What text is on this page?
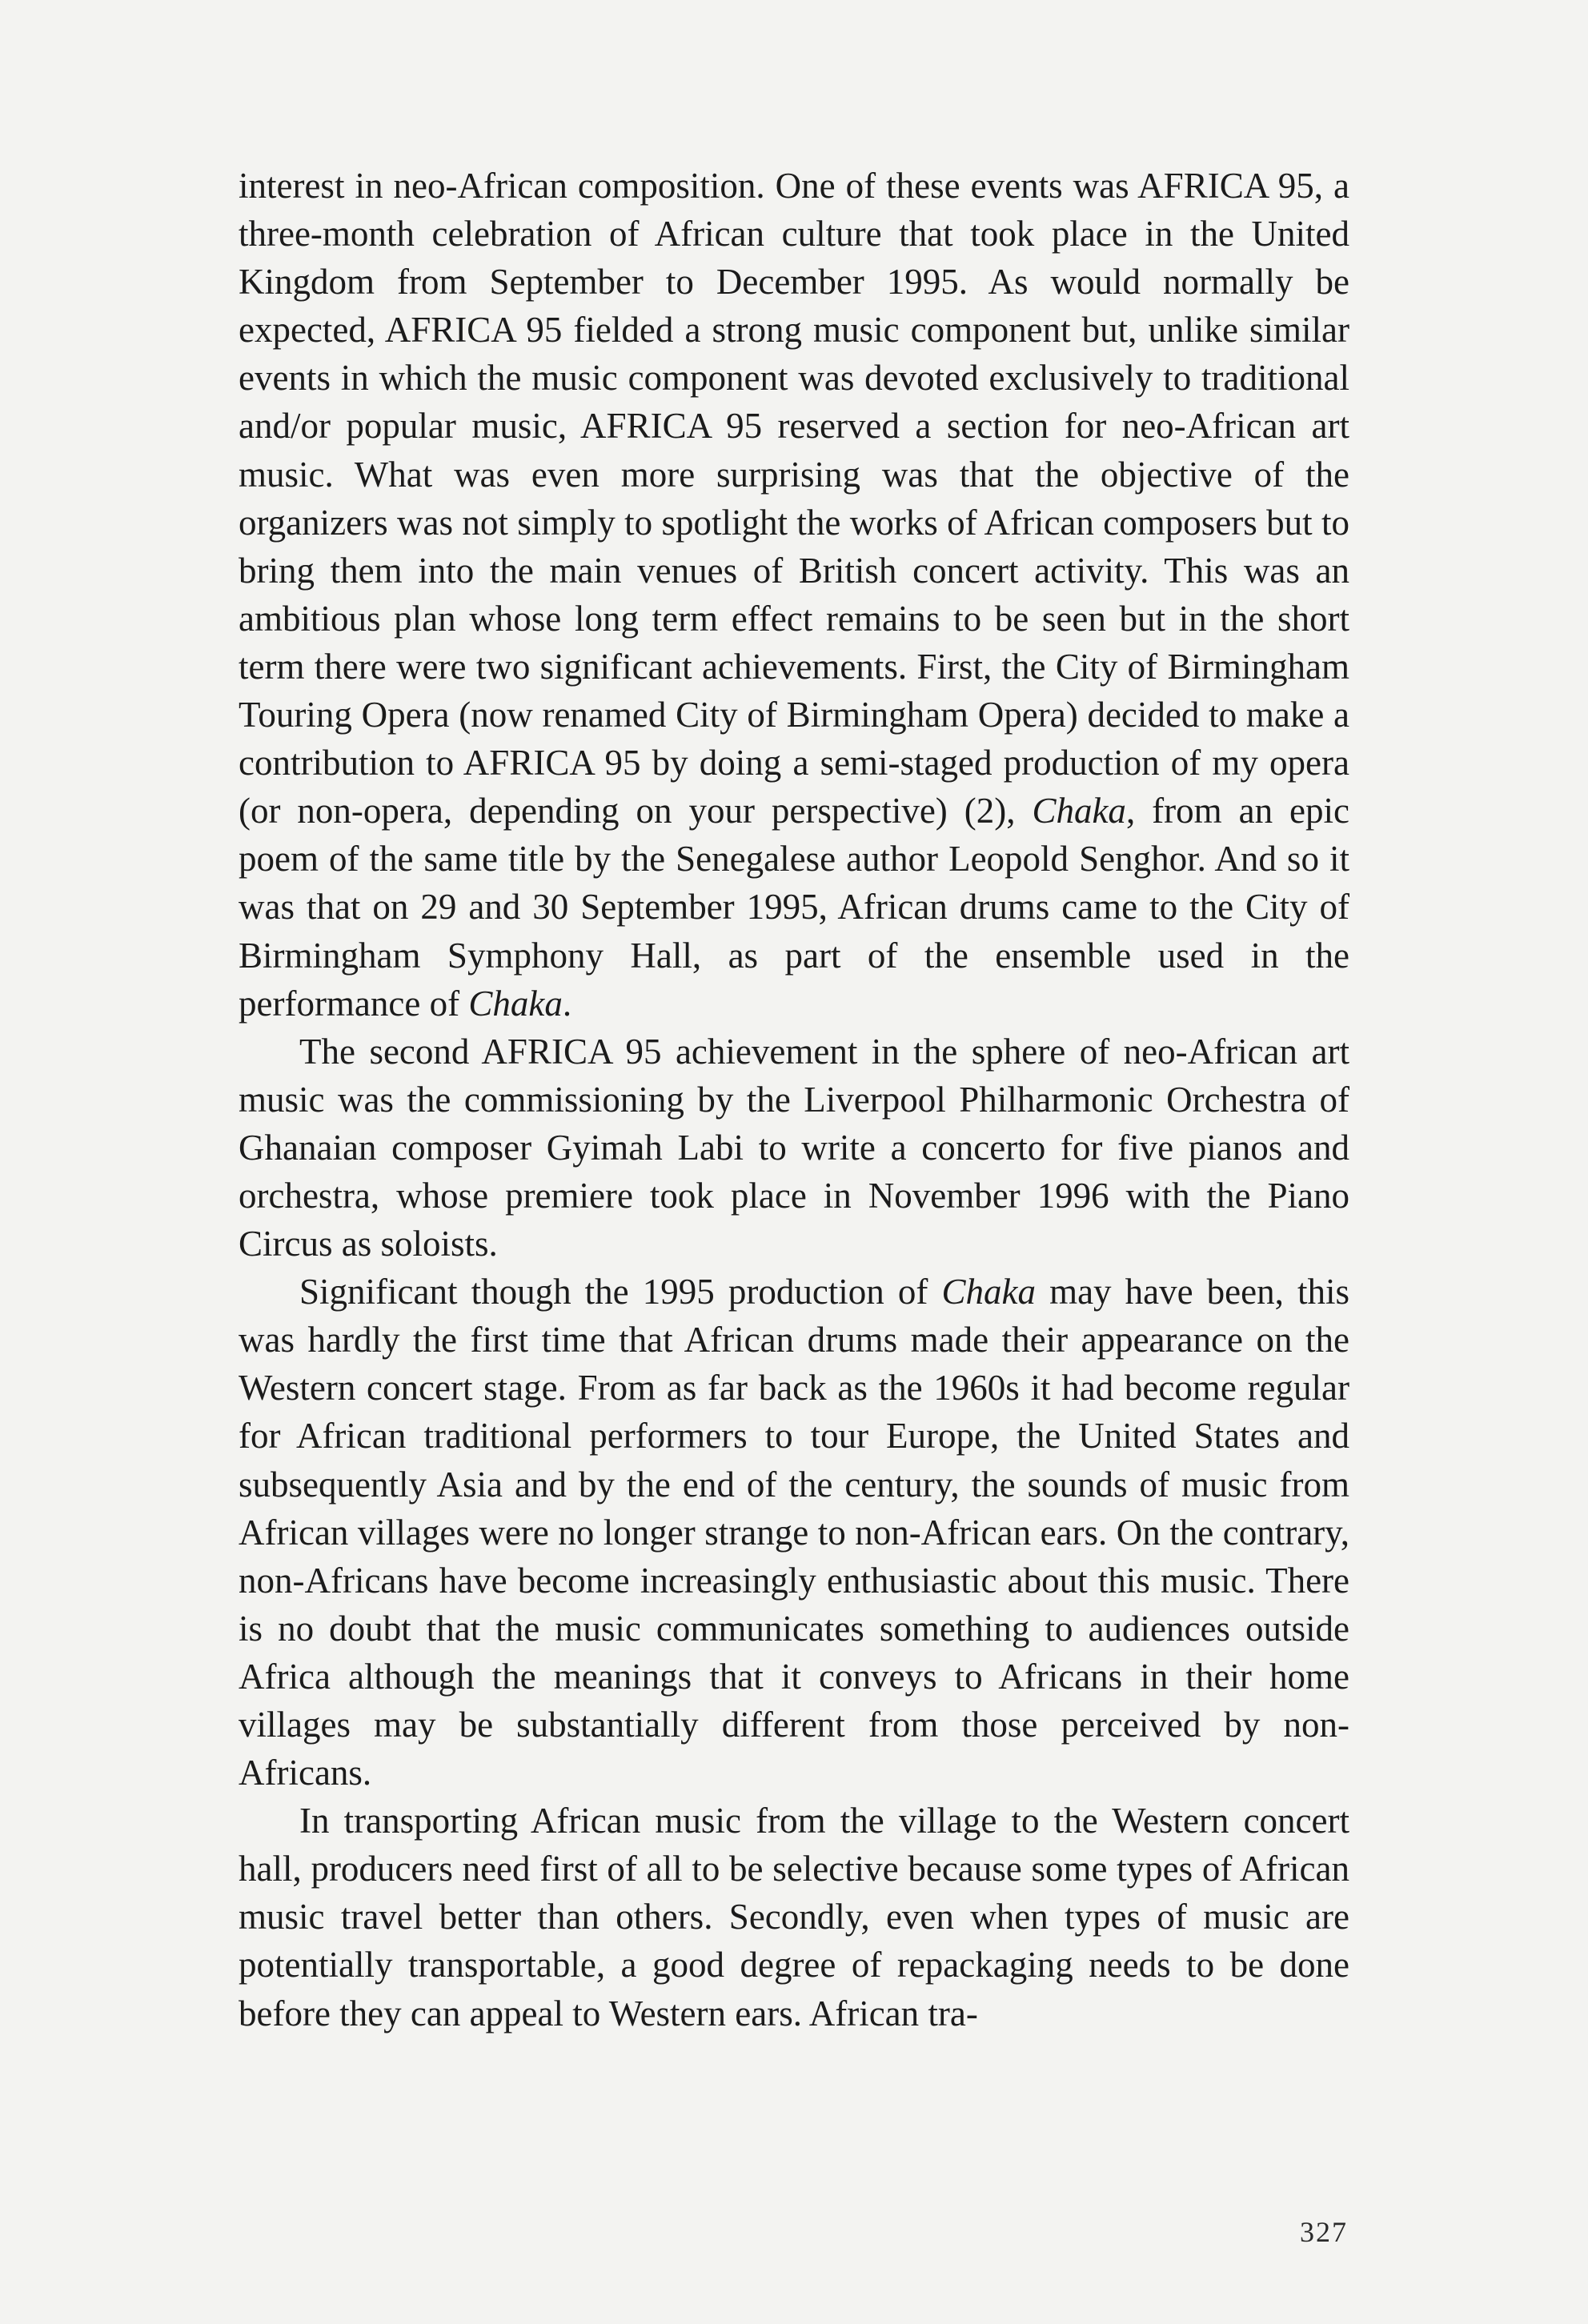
interest in neo-African composition. One of these events was AFRICA 95, a three-month celebration of African culture that took place in the United Kingdom from September to December 1995. As would normally be expected, AFRICA 95 fielded a strong music component but, unlike similar events in which the music component was devoted exclusively to traditional and/or popular music, AFRICA 95 reserved a section for neo-African art music. What was even more surprising was that the objective of the organizers was not simply to spotlight the works of African composers but to bring them into the main venues of British concert activity. This was an ambitious plan whose long term effect remains to be seen but in the short term there were two significant achievements. First, the City of Birmingham Touring Opera (now renamed City of Birmingham Opera) decided to make a contribution to AFRICA 95 by doing a semi-staged production of my opera (or non-opera, depending on your perspective) (2), Chaka, from an epic poem of the same title by the Senegalese author Leopold Senghor. And so it was that on 29 and 30 September 1995, African drums came to the City of Birmingham Symphony Hall, as part of the ensemble used in the performance of Chaka.

The second AFRICA 95 achievement in the sphere of neo-African art music was the commissioning by the Liverpool Philharmonic Orchestra of Ghanaian composer Gyimah Labi to write a concerto for five pianos and orchestra, whose premiere took place in November 1996 with the Piano Circus as soloists.

Significant though the 1995 production of Chaka may have been, this was hardly the first time that African drums made their appearance on the Western concert stage. From as far back as the 1960s it had become regular for African traditional performers to tour Europe, the United States and subsequently Asia and by the end of the century, the sounds of music from African villages were no longer strange to non-African ears. On the contrary, non-Africans have become increasingly enthusiastic about this music. There is no doubt that the music communicates something to audiences outside Africa although the meanings that it conveys to Africans in their home villages may be substantially different from those perceived by non-Africans.

In transporting African music from the village to the Western concert hall, producers need first of all to be selective because some types of African music travel better than others. Secondly, even when types of music are potentially transportable, a good degree of repackaging needs to be done before they can appeal to Western ears. African tra-

327
